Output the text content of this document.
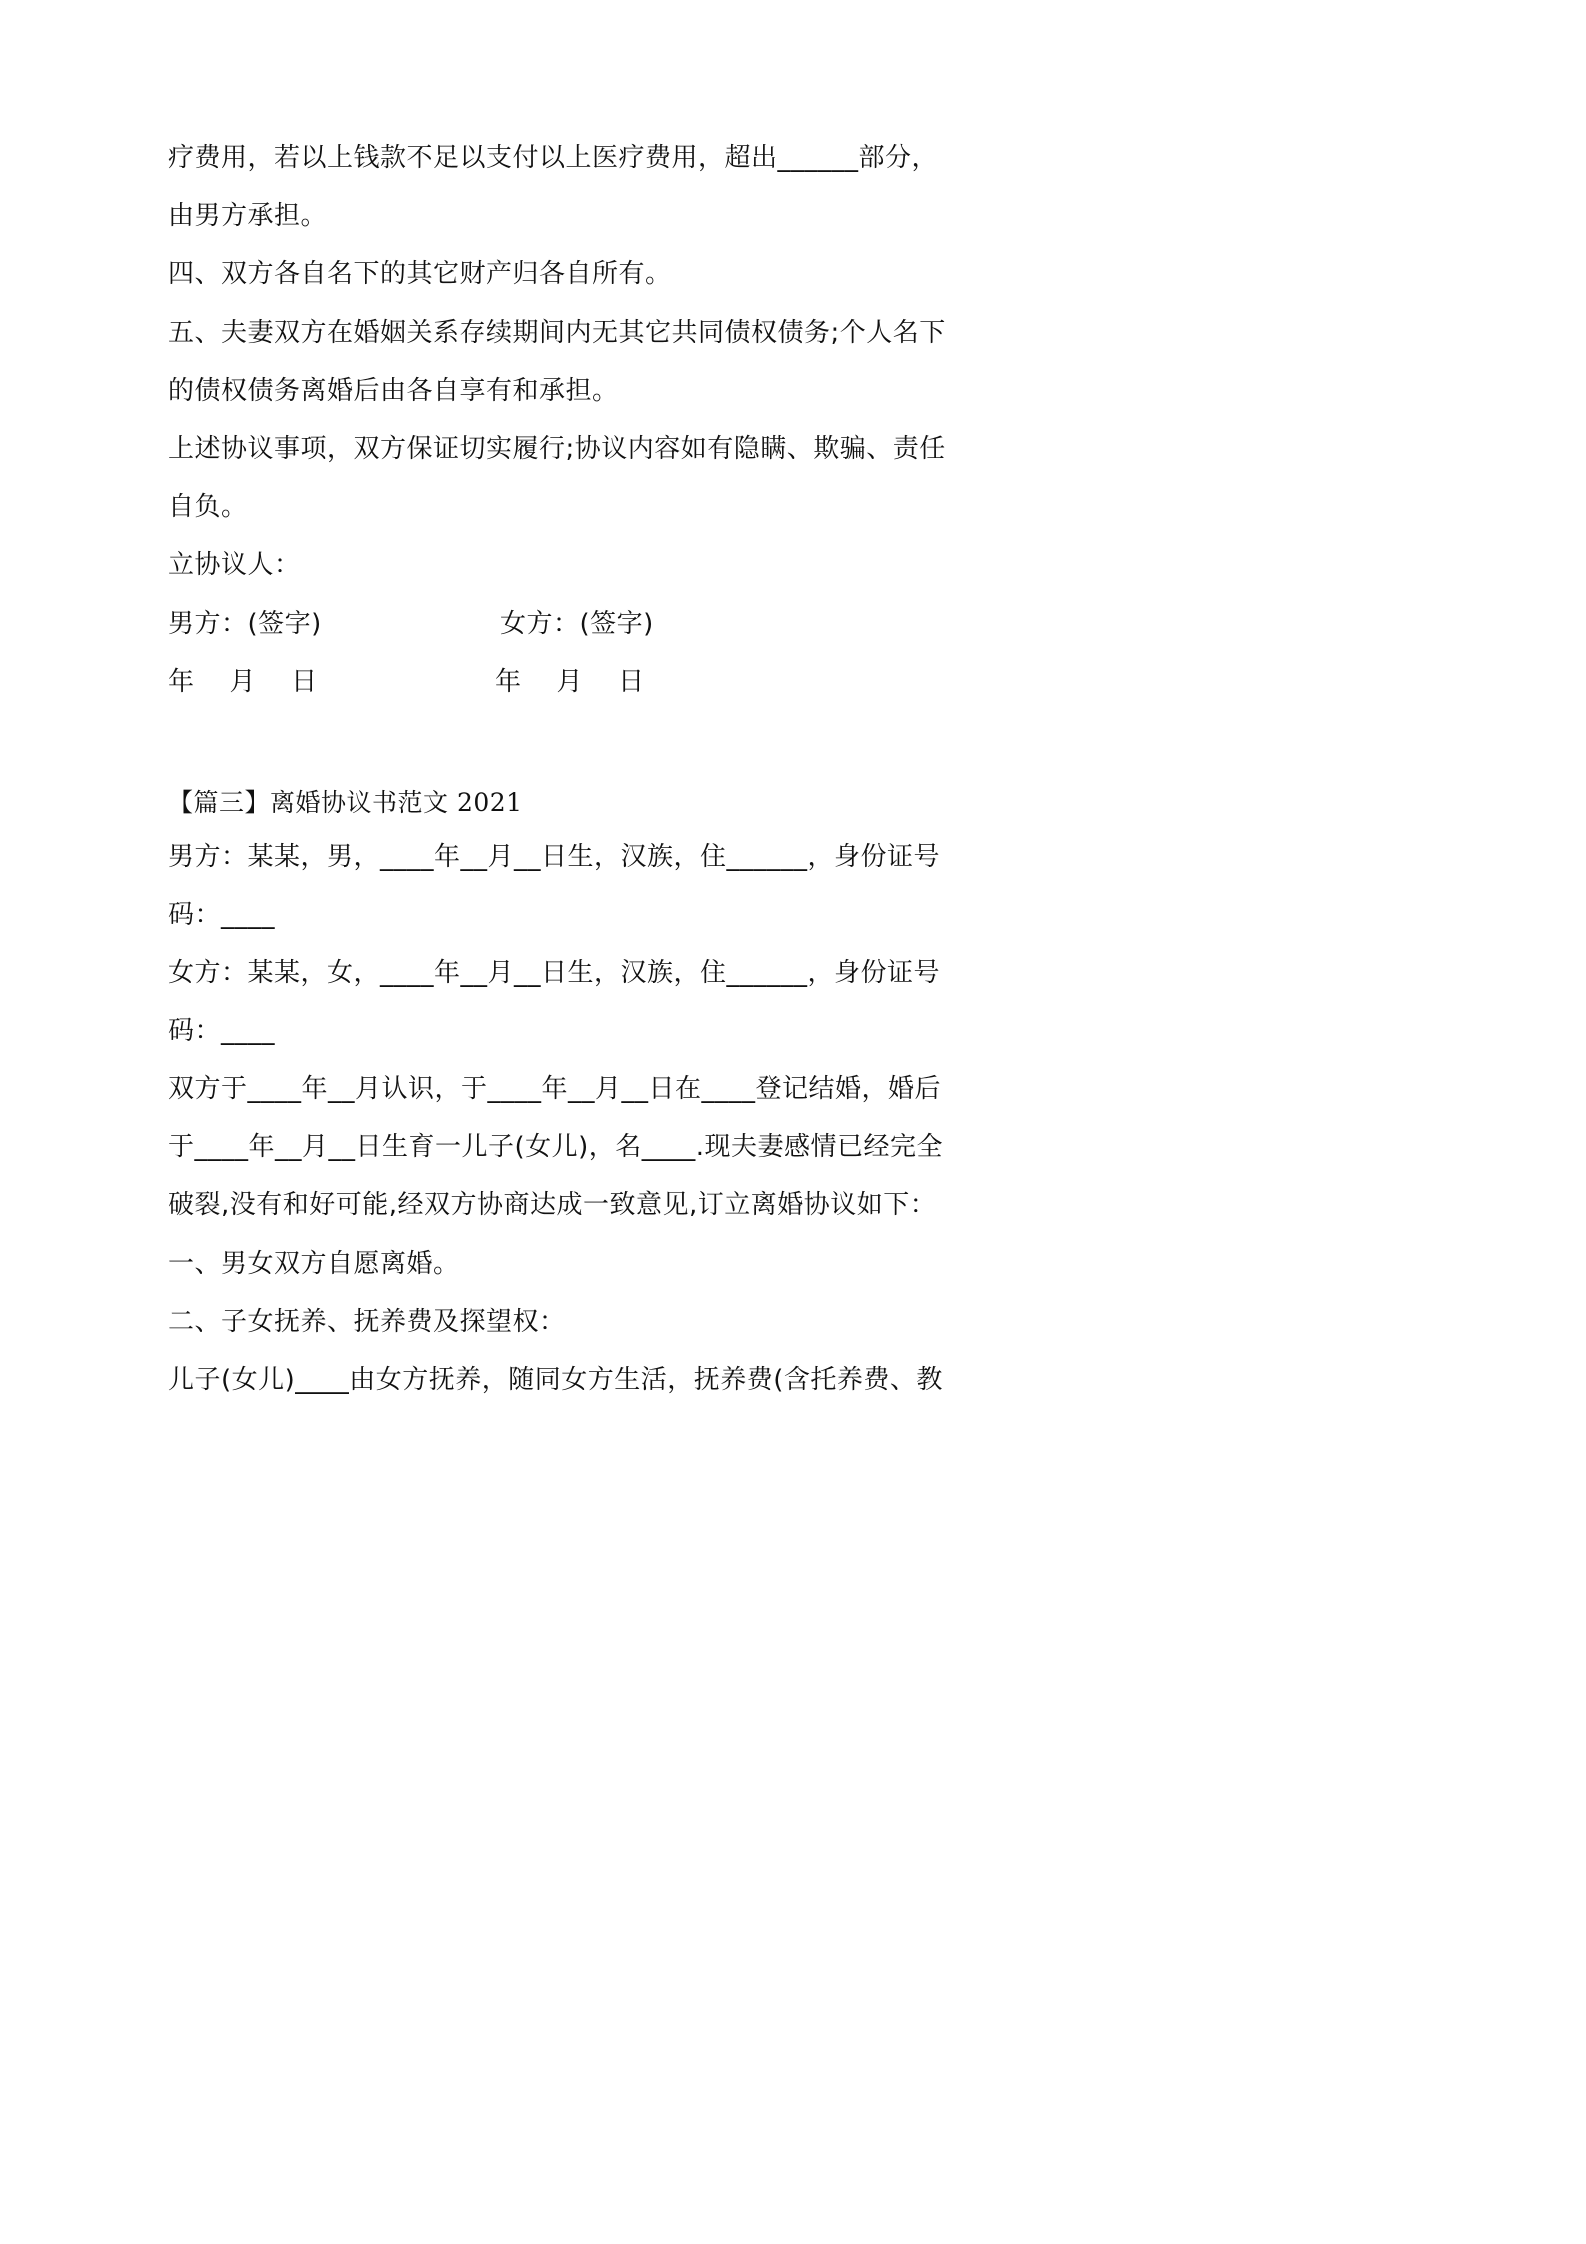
疗费用，若以上钱款不足以支付以上医疗费用，超出______部分，
由男方承担。
四、双方各自名下的其它财产归各自所有。
五、夫妻双方在婚姻关系存续期间内无其它共同债权债务;个人名下
的债权债务离婚后由各自享有和承担。
上述协议事项，双方保证切实履行;协议内容如有隐瞒、欺骗、责任
自负。
立协议人：
男方：(签字)	女方：(签字)
年    月    日	年    月    日
【篇三】离婚协议书范文 2021
男方：某某，男，____年__月__日生，汉族，住______，身份证号
码：____
女方：某某，女，____年__月__日生，汉族，住______，身份证号
码：____
双方于____年__月认识，于____年__月__日在____登记结婚，婚后
于____年__月__日生育一儿子(女儿)，名____.现夫妻感情已经完全
破裂,没有和好可能,经双方协商达成一致意见,订立离婚协议如下：
一、男女双方自愿离婚。
二、子女抚养、抚养费及探望权：
儿子(女儿)____由女方抚养，随同女方生活，抚养费(含托养费、教
